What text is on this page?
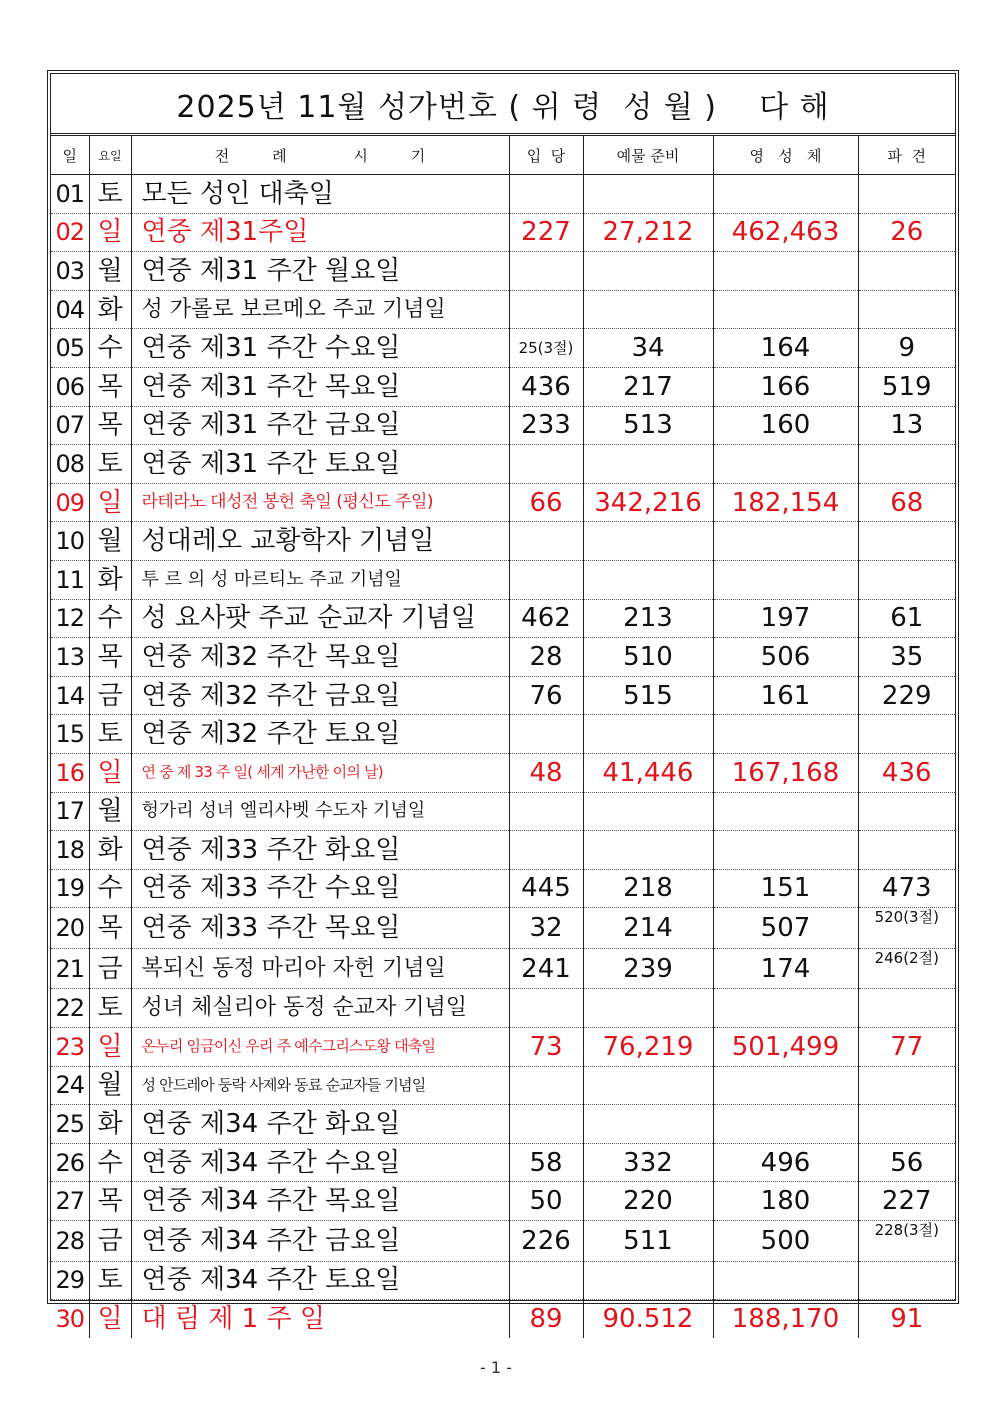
2025년 11월 성가번호 ( 위 령  성 월 )    다 해
일	요일	전         례              시         기	입  당	예물 준비	영   성   체	파  견
01	토	모든 성인 대축일				
02	일	연중 제31주일	227	27,212	462,463	26
03	월	연중 제31 주간 월요일				
04	화	성 가롤로 보르메오 주교 기념일				
05	수	연중 제31 주간 수요일	25(3절)	34	164	9
06	목	연중 제31 주간 목요일	436	217	166	519
07	목	연중 제31 주간 금요일	233	513	160	13
08	토	연중 제31 주간 토요일				
09	일	라테라노 대성전 봉헌 축일 (평신도 주일)	66	342,216	182,154	68
10	월	성대레오 교황학자 기념일				
11	화	투 르 의 성 마르티노 주교 기념일				
12	수	성 요사팟 주교 순교자 기념일	462	213	197	61
13	목	연중 제32 주간 목요일	28	510	506	35
14	금	연중 제32 주간 금요일	76	515	161	229
15	토	연중 제32 주간 토요일				
16	일	연 중 제 33 주 일( 세계 가난한 이의 날)	48	41,446	167,168	436
17	월	헝가리 성녀 엘리사벳 수도자 기념일				
18	화	연중 제33 주간 화요일				
19	수	연중 제33 주간 수요일	445	218	151	473
20	목	연중 제33 주간 목요일	32	214	507	520(3절)
21	금	복되신 동정 마리아 자헌 기념일	241	239	174	246(2절)
22	토	성녀 체실리아 동정 순교자 기념일				
23	일	온누리 임금이신 우리 주 예수그리스도왕 대축일	73	76,219	501,499	77
24	월	성 안드레아 둥락 사제와 동료 순교자들 기념일				
25	화	연중 제34 주간 화요일				
26	수	연중 제34 주간 수요일	58	332	496	56
27	목	연중 제34 주간 목요일	50	220	180	227
28	금	연중 제34 주간 금요일	226	511	500	228(3절)
29	토	연중 제34 주간 토요일				
30	일	대 림 제 1 주 일	89	90.512	188,170	91
- 1 -
